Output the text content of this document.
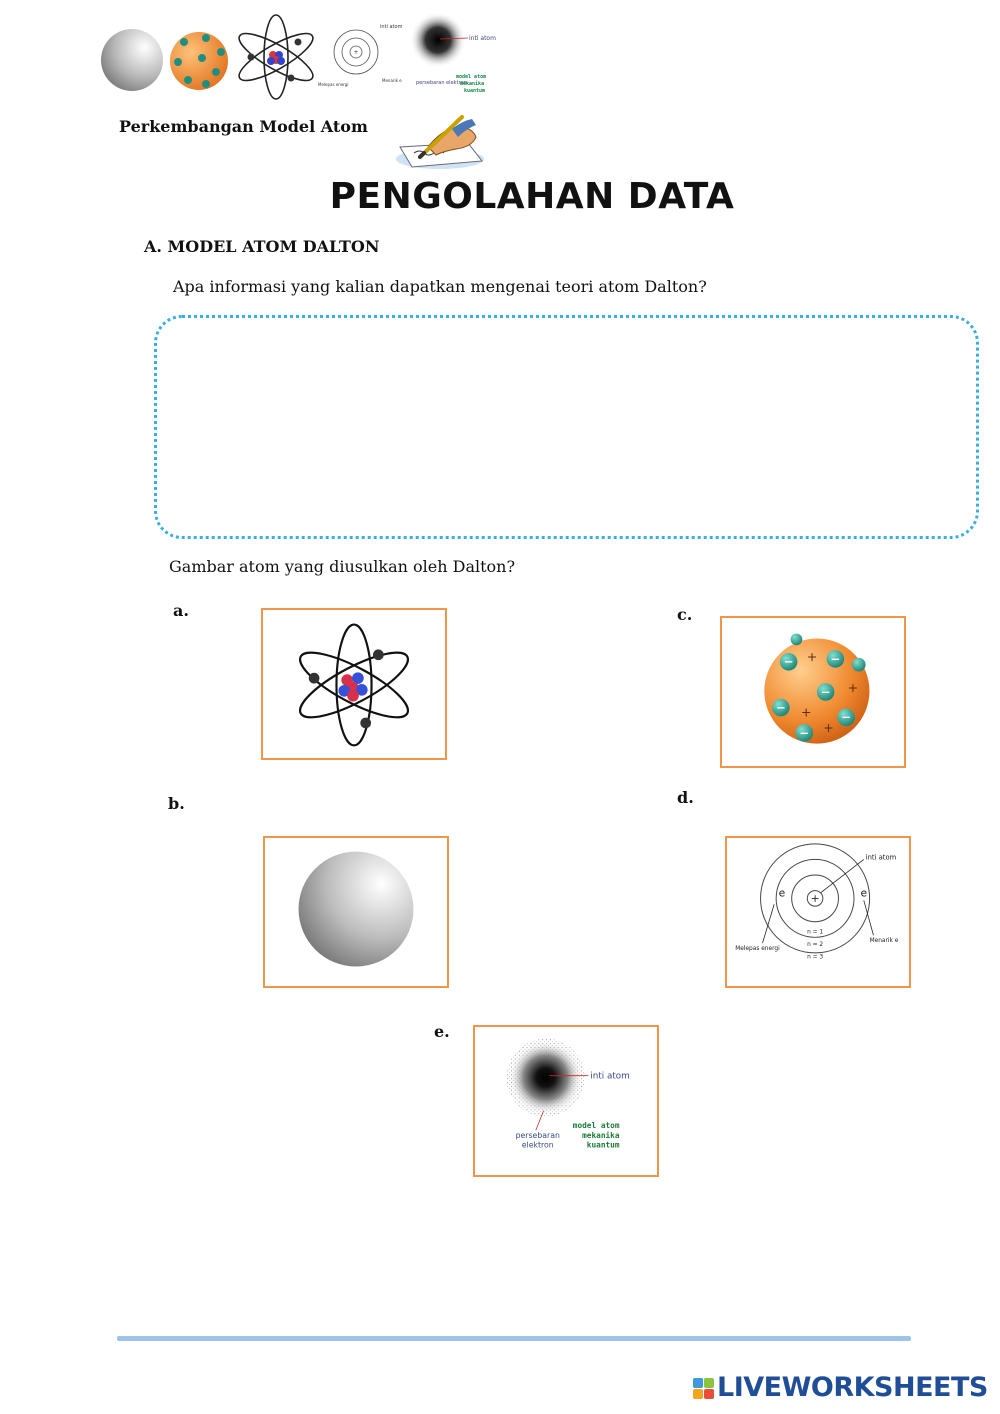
+
inti atom
Melepas energi
Menarik e
inti atom
persebaran elektron
model atom
mekanika
kuantum
Perkembangan Model Atom
PENGOLAHAN DATA
A. MODEL ATOM DALTON
Apa informasi yang kalian dapatkan mengenai teori atom Dalton?
Gambar atom yang diusulkan oleh Dalton?
a.
b.
c.
+
+
+
+
−	−
−
−
−
−
d.
+
e	e
inti atom
Melepas energi
Menarik e
n = 1
n = 2
n = 3
e.
inti atom
persebaran
elektron
model atom
mekanika
kuantum
LIVEWORKSHEETS
